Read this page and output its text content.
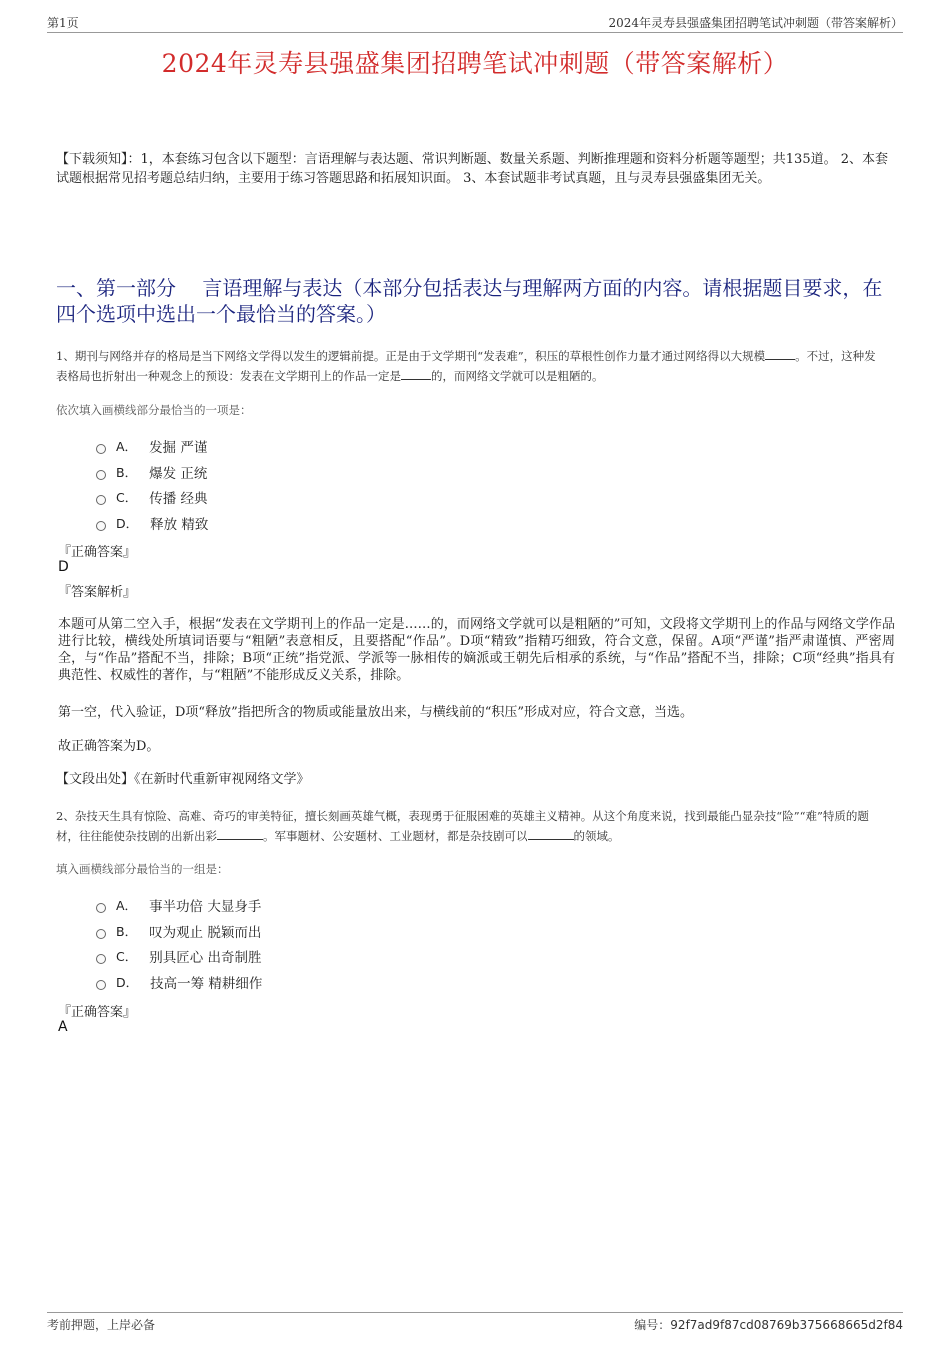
第1页	2024年灵寿县强盛集团招聘笔试冲刺题（带答案解析）
2024年灵寿县强盛集团招聘笔试冲刺题（带答案解析）
【下载须知】：1，本套练习包含以下题型：言语理解与表达题、常识判断题、数量关系题、判断推理题和资料分析题等题型；共135道。 2、本套试题根据常见招考题总结归纳，主要用于练习答题思路和拓展知识面。 3、本套试题非考试真题，且与灵寿县强盛集团无关。
一、第一部分　 言语理解与表达（本部分包括表达与理解两方面的内容。请根据题目要求，在四个选项中选出一个最恰当的答案。）
1、期刊与网络并存的格局是当下网络文学得以发生的逻辑前提。正是由于文学期刊“发表难”，积压的草根性创作力量才通过网络得以大规模	。不过，这种发表格局也折射出一种观念上的预设：发表在文学期刊上的作品一定是	的，而网络文学就可以是粗陋的。
依次填入画横线部分最恰当的一项是：
A． 发掘 严谨
B． 爆发 正统
C． 传播 经典
D． 释放 精致
『正确答案』
D
『答案解析』
本题可从第二空入手，根据“发表在文学期刊上的作品一定是……的，而网络文学就可以是粗陋的”可知，文段将文学期刊上的作品与网络文学作品进行比较，横线处所填词语要与“粗陋”表意相反，且要搭配“作品”。D项“精致”指精巧细致，符合文意，保留。A项“严谨”指严肃谨慎、严密周全，与“作品”搭配不当，排除；B项“正统”指党派、学派等一脉相传的嫡派或王朝先后相承的系统，与“作品”搭配不当，排除；C项“经典”指具有典范性、权威性的著作，与“粗陋”不能形成反义关系，排除。
第一空，代入验证，D项“释放”指把所含的物质或能量放出来，与横线前的“积压”形成对应，符合文意，当选。
故正确答案为D。
【文段出处】《在新时代重新审视网络文学》
2、杂技天生具有惊险、高难、奇巧的审美特征，擅长刻画英雄气概，表现勇于征服困难的英雄主义精神。从这个角度来说，找到最能凸显杂技“险”“难”特质的题材，往往能使杂技剧的出新出彩	。军事题材、公安题材、工业题材，都是杂技剧可以	的领域。
填入画横线部分最恰当的一组是：
A． 事半功倍 大显身手
B． 叹为观止 脱颖而出
C． 别具匠心 出奇制胜
D． 技高一筹 精耕细作
『正确答案』
A
考前押题，上岸必备	编号：92f7ad9f87cd08769b375668665d2f84
